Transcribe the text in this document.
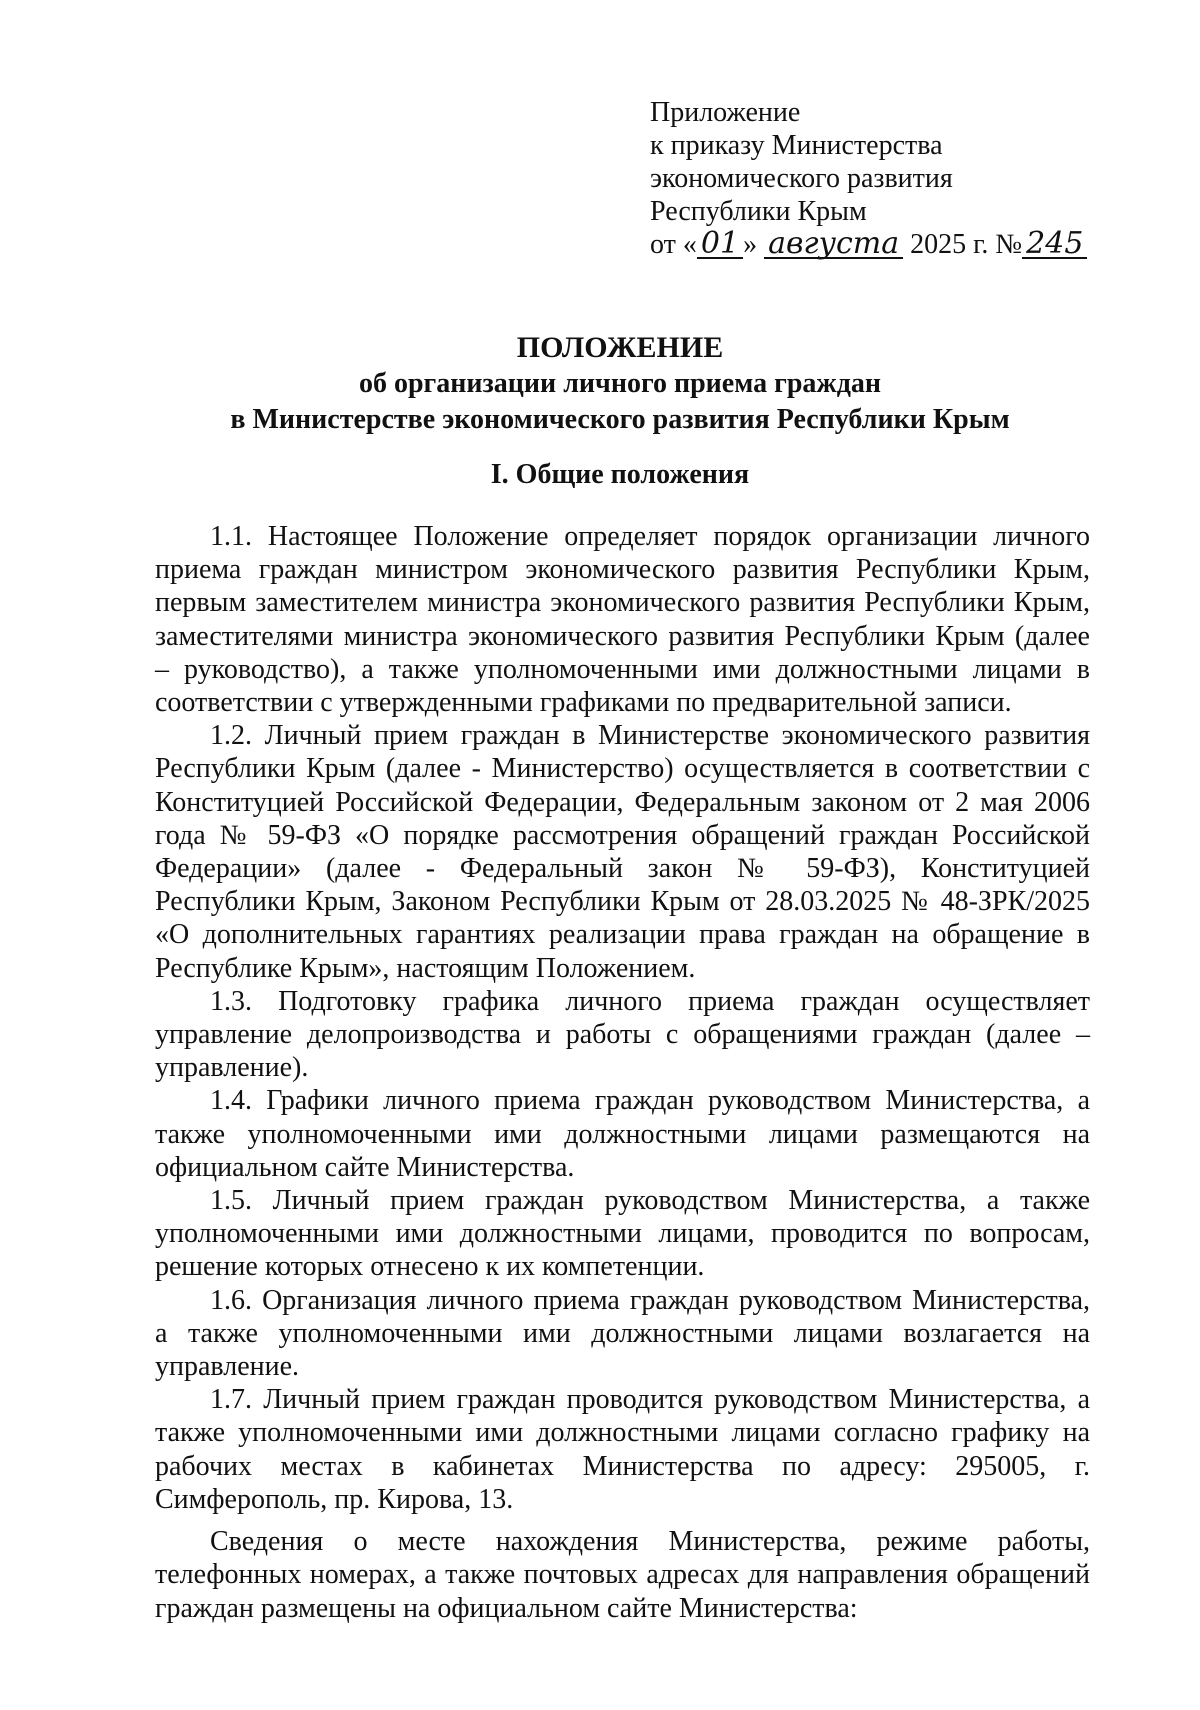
Приложение
к приказу Министерства
экономического развития
Республики Крым
от « 01 » августа 2025 г. № 245
ПОЛОЖЕНИЕ
об организации личного приема граждан
в Министерстве экономического развития Республики Крым
I. Общие положения

1.1. Настоящее Положение определяет порядок организации личного приема граждан министром экономического развития Республики Крым, первым заместителем министра экономического развития Республики Крым, заместителями министра экономического развития Республики Крым (далее – руководство), а также уполномоченными ими должностными лицами в соответствии с утвержденными графиками по предварительной записи.

1.2. Личный прием граждан в Министерстве экономического развития Республики Крым (далее - Министерство) осуществляется в соответствии с Конституцией Российской Федерации, Федеральным законом от 2 мая 2006 года № 59-ФЗ «О порядке рассмотрения обращений граждан Российской Федерации» (далее - Федеральный закон № 59-ФЗ), Конституцией Республики Крым, Законом Республики Крым от 28.03.2025 № 48-ЗРК/2025 «О дополнительных гарантиях реализации права граждан на обращение в Республике Крым», настоящим Положением.

1.3. Подготовку графика личного приема граждан осуществляет управление делопроизводства и работы с обращениями граждан (далее – управление).

1.4. Графики личного приема граждан руководством Министерства, а также уполномоченными ими должностными лицами размещаются на официальном сайте Министерства.

1.5. Личный прием граждан руководством Министерства, а также уполномоченными ими должностными лицами, проводится по вопросам, решение которых отнесено к их компетенции.

1.6. Организация личного приема граждан руководством Министерства, а также уполномоченными ими должностными лицами возлагается на управление.

1.7. Личный прием граждан проводится руководством Министерства, а также уполномоченными ими должностными лицами согласно графику на рабочих местах в кабинетах Министерства по адресу: 295005, г. Симферополь, пр. Кирова, 13.

Сведения о месте нахождения Министерства, режиме работы, телефонных номерах, а также почтовых адресах для направления обращений граждан размещены на официальном сайте Министерства:
